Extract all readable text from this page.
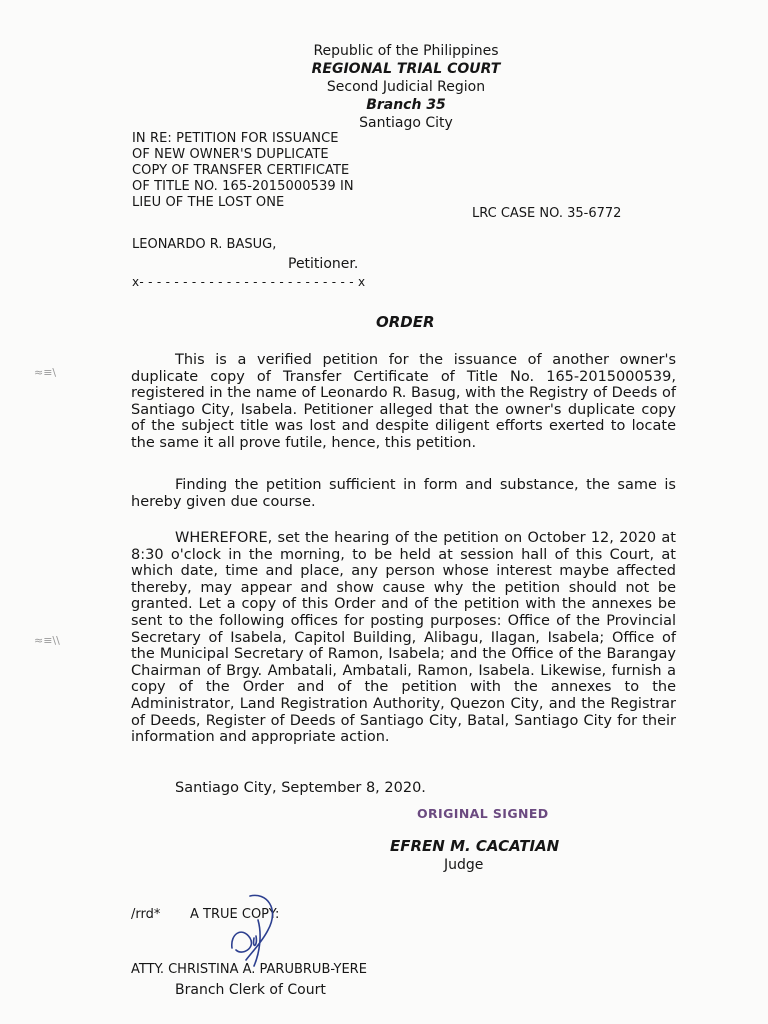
Republic of the Philippines
REGIONAL TRIAL COURT
Second Judicial Region
Branch 35
Santiago City
IN RE: PETITION FOR ISSUANCE
OF NEW OWNER'S DUPLICATE
COPY OF TRANSFER CERTIFICATE
OF TITLE NO. 165-2015000539 IN
LIEU OF THE LOST ONE
LRC CASE NO. 35-6772
LEONARDO R. BASUG,
Petitioner.
x- - - - - - - - - - - - - - - - - - - - - - - - - x
ORDER
≈≡\
≈≡\\
This is a verified petition for the issuance of another owner's duplicate copy of Transfer Certificate of Title No. 165-2015000539, registered in the name of Leonardo R. Basug, with the Registry of Deeds of Santiago City, Isabela. Petitioner alleged that the owner's duplicate copy of the subject title was lost and despite diligent efforts exerted to locate the same it all prove futile, hence, this petition.
Finding the petition sufficient in form and substance, the same is hereby given due course.
WHEREFORE, set the hearing of the petition on October 12, 2020 at 8:30 o'clock in the morning, to be held at session hall of this Court, at which date, time and place, any person whose interest maybe affected thereby, may appear and show cause why the petition should not be granted. Let a copy of this Order and of the petition with the annexes be sent to the following offices for posting purposes: Office of the Provincial Secretary of Isabela, Capitol Building, Alibagu, Ilagan, Isabela; Office of the Municipal Secretary of Ramon, Isabela; and the Office of the Barangay Chairman of Brgy. Ambatali, Ambatali, Ramon, Isabela. Likewise, furnish a copy of the Order and of the petition with the annexes to the Administrator, Land Registration Authority, Quezon City, and the Registrar of Deeds, Register of Deeds of Santiago City, Batal, Santiago City for their information and appropriate action.
Santiago City, September 8, 2020.
ORIGINAL SIGNED
EFREN M. CACATIAN
Judge
/rrd* A TRUE COPY:
ATTY. CHRISTINA A. PARUBRUB-YERE
Branch Clerk of Court
